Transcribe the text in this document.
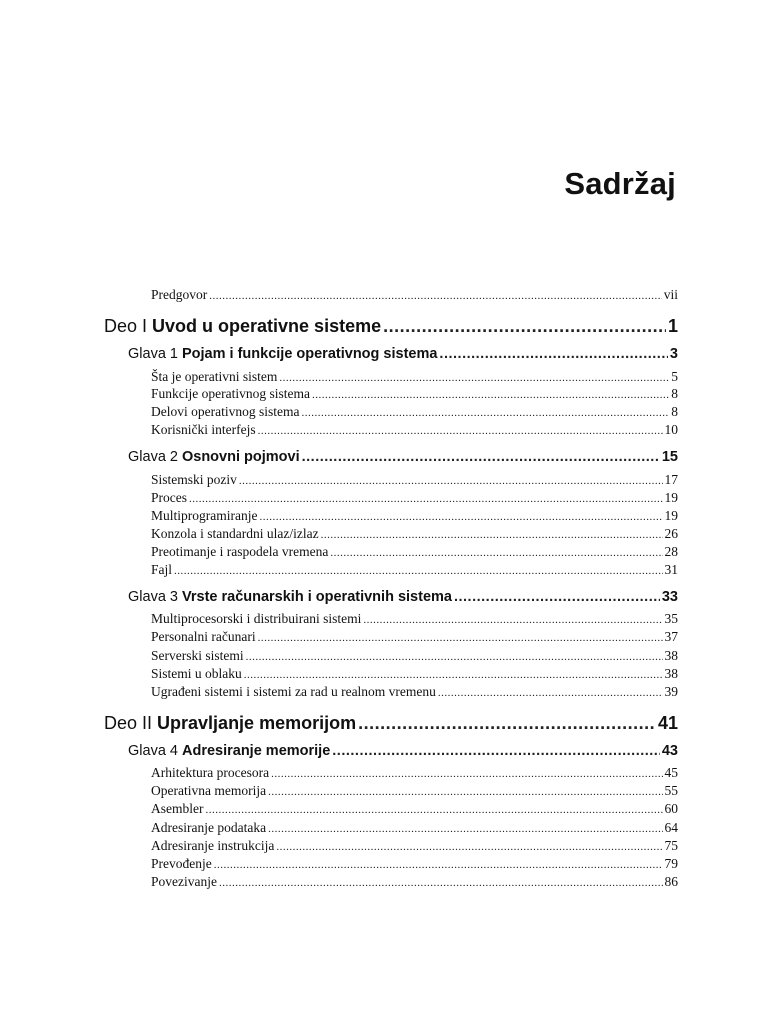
Sadržaj
Predgovor .....	vii
Deo I Uvod u operativne sisteme .....	1
Glava 1 Pojam i funkcije operativnog sistema .....	3
Šta je operativni sistem .....	5
Funkcije operativnog sistema .....	8
Delovi operativnog sistema .....	8
Korisnički interfejs .....	10
Glava 2 Osnovni pojmovi .....	15
Sistemski poziv .....	17
Proces .....	19
Multiprogramiranje .....	19
Konzola i standardni ulaz/izlaz .....	26
Preotimanje i raspodela vremena .....	28
Fajl .....	31
Glava 3 Vrste računarskih i operativnih sistema .....	33
Multiprocesorski i distribuirani sistemi .....	35
Personalni računari .....	37
Serverski sistemi .....	38
Sistemi u oblaku .....	38
Ugrađeni sistemi i sistemi za rad u realnom vremenu .....	39
Deo II Upravljanje memorijom .....	41
Glava 4 Adresiranje memorije .....	43
Arhitektura procesora .....	45
Operativna memorija .....	55
Asembler .....	60
Adresiranje podataka .....	64
Adresiranje instrukcija .....	75
Prevođenje .....	79
Povezivanje .....	86
